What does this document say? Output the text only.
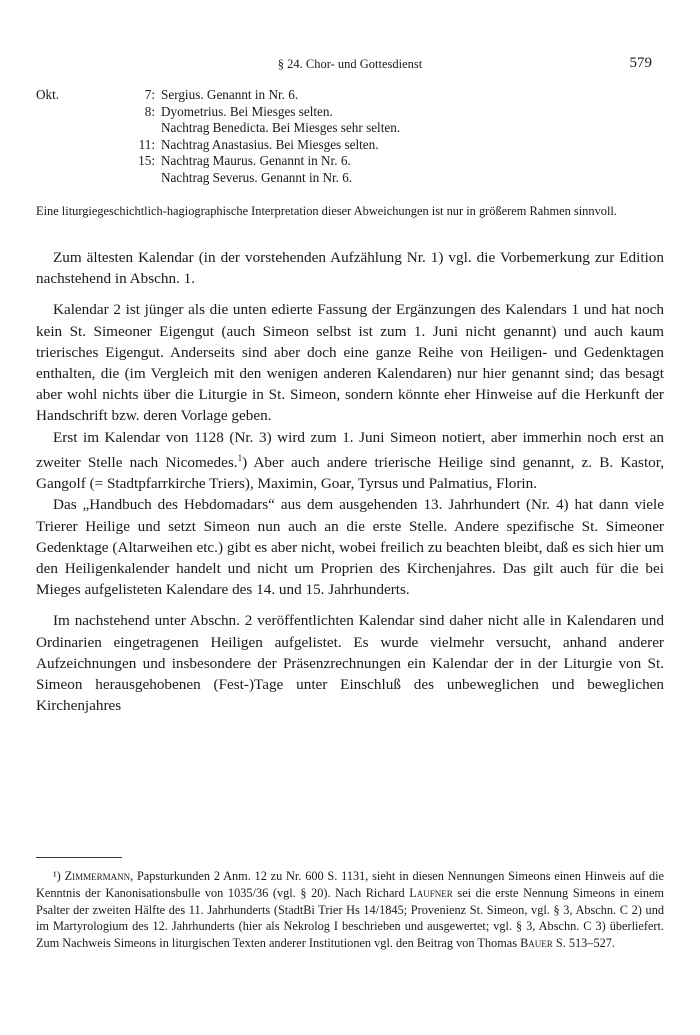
§ 24. Chor- und Gottesdienst	579
Okt.	7: Sergius. Genannt in Nr. 6.
8: Dyometrius. Bei Miesges selten.
Nachtrag Benedicta. Bei Miesges sehr selten.
11: Nachtrag Anastasius. Bei Miesges selten.
15: Nachtrag Maurus. Genannt in Nr. 6.
Nachtrag Severus. Genannt in Nr. 6.
Eine liturgiegeschichtlich-hagiographische Interpretation dieser Abweichungen ist nur in größerem Rahmen sinnvoll.

Zum ältesten Kalendar (in der vorstehenden Aufzählung Nr. 1) vgl. die Vorbemerkung zur Edition nachstehend in Abschn. 1.

Kalendar 2 ist jünger als die unten edierte Fassung der Ergänzungen des Kalendars 1 und hat noch kein St. Simeoner Eigengut (auch Simeon selbst ist zum 1. Juni nicht genannt) und auch kaum trierisches Eigengut. Anderseits sind aber doch eine ganze Reihe von Heiligen- und Gedenktagen enthalten, die (im Vergleich mit den wenigen anderen Kalendaren) nur hier genannt sind; das besagt aber wohl nichts über die Liturgie in St. Simeon, sondern könnte eher Hinweise auf die Herkunft der Handschrift bzw. deren Vorlage geben.

Erst im Kalendar von 1128 (Nr. 3) wird zum 1. Juni Simeon notiert, aber immerhin noch erst an zweiter Stelle nach Nicomedes.$^1$) Aber auch andere trierische Heilige sind genannt, z. B. Kastor, Gangolf (= Stadtpfarrkirche Triers), Maximin, Goar, Tyrsus und Palmatius, Florin.

Das „Handbuch des Hebdomadars“ aus dem ausgehenden 13. Jahrhundert (Nr. 4) hat dann viele Trierer Heilige und setzt Simeon nun auch an die erste Stelle. Andere spezifische St. Simeoner Gedenktage (Altarweihen etc.) gibt es aber nicht, wobei freilich zu beachten bleibt, daß es sich hier um den Heiligenkalender handelt und nicht um Proprien des Kirchenjahres. Das gilt auch für die bei Mieges aufgelisteten Kalendare des 14. und 15. Jahrhunderts.

Im nachstehend unter Abschn. 2 veröffentlichten Kalendar sind daher nicht alle in Kalendaren und Ordinarien eingetragenen Heiligen aufgelistet. Es wurde vielmehr versucht, anhand anderer Aufzeichnungen und insbesondere der Präsenzrechnungen ein Kalendar der in der Liturgie von St. Simeon herausgehobenen (Fest-)Tage unter Einschluß des unbeweglichen und beweglichen Kirchenjahres

¹) Zimmermann, Papsturkunden 2 Anm. 12 zu Nr. 600 S. 1131, sieht in diesen Nennungen Simeons einen Hinweis auf die Kenntnis der Kanonisationsbulle von 1035/36 (vgl. § 20). Nach Richard Laufner sei die erste Nennung Simeons in einem Psalter der zweiten Hälfte des 11. Jahrhunderts (StadtBi Trier Hs 14/1845; Provenienz St. Simeon, vgl. § 3, Abschn. C 2) und im Martyrologium des 12. Jahrhunderts (hier als Nekrolog I beschrieben und ausgewertet; vgl. § 3, Abschn. C 3) überliefert. Zum Nachweis Simeons in liturgischen Texten anderer Institutionen vgl. den Beitrag von Thomas Bauer S. 513–527.
